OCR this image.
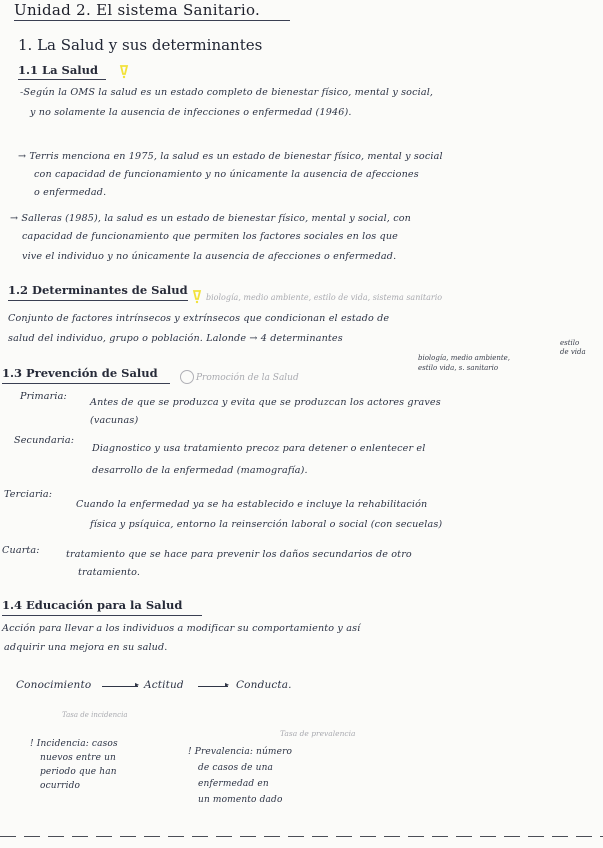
Unidad 2. El sistema Sanitario.
1. La Salud y sus determinantes
1.1 La Salud
-Según la OMS la salud es un estado completo de bienestar físico, mental y social,
y no solamente la ausencia de infecciones o enfermedad (1946).
→ Terris menciona en 1975, la salud es un estado de bienestar físico, mental y social
con capacidad de funcionamiento y no únicamente la ausencia de afecciones
o enfermedad.
→ Salleras (1985), la salud es un estado de bienestar físico, mental y social, con
capacidad de funcionamiento que permiten los factores sociales en los que
vive el individuo y no únicamente la ausencia de afecciones o enfermedad.
1.2 Determinantes de Salud
biología, medio ambiente, estilo de vida, sistema sanitario
Conjunto de factores intrínsecos y extrínsecos que condicionan el estado de
salud del individuo, grupo o población. Lalonde → 4 determinantes
biología, medio ambiente,
estilo vida, s. sanitario
estilo
de vida
1.3 Prevención de Salud	Promoción de la Salud
Primaria:
Antes de que se produzca y evita que se produzcan los actores graves
(vacunas)
Secundaria:
Diagnostico y usa tratamiento precoz para detener o enlentecer el
desarrollo de la enfermedad (mamografía).
Terciaria:
Cuando la enfermedad ya se ha establecido e incluye la rehabilitación
física y psíquica, entorno la reinserción laboral o social (con secuelas)
Cuarta:	tratamiento que se hace para prevenir los daños secundarios de otro
tratamiento.
1.4 Educación para la Salud
Acción para llevar a los individuos a modificar su comportamiento y así
adquirir una mejora en su salud.
Conocimiento	▸ Actitud	▸ Conducta.
Tasa de incidencia
Tasa de prevalencia
! Incidencia: casos
nuevos entre un
periodo que han
ocurrido
! Prevalencia: número
de casos de una
enfermedad en
un momento dado
